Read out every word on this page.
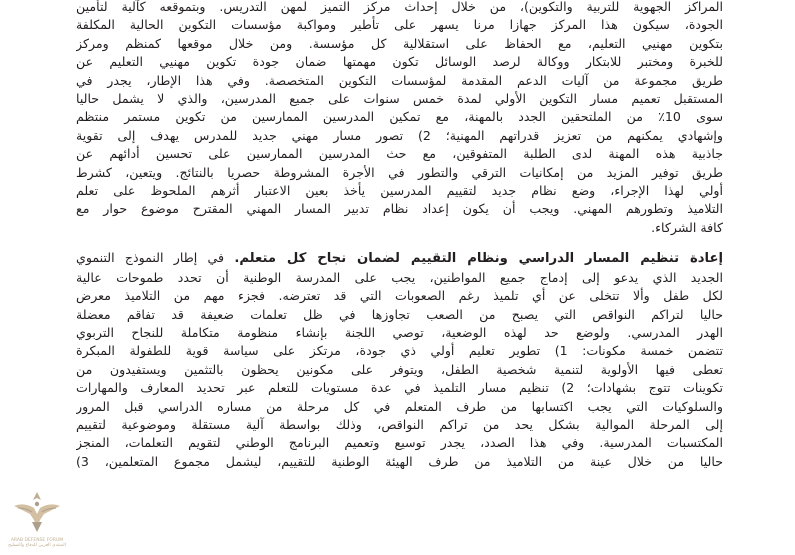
المراكز الجهوية للتربية والتكوين)، من خلال إحداث مركز التميز لمهن التدريس. وبتموقعه كآلية لتأمين
الجودة، سيكون هذا المركز جهازا مرنا يسهر على تأطير ومواكبة مؤسسات التكوين الحالية المكلفة
بتكوين مهنيي التعليم، مع الحفاظ على استقلالية كل مؤسسة. ومن خلال موقعها كمنظم ومركز
للخبرة ومختبر للابتكار ووكالة لرصد الوسائل تكون مهمتها ضمان جودة تكوين مهنيي التعليم عن
طريق مجموعة من آليات الدعم المقدمة لمؤسسات التكوين المتخصصة. وفي هذا الإطار، يجدر في
المستقبل تعميم مسار التكوين الأولي لمدة خمس سنوات على جميع المدرسين، والذي لا يشمل حاليا
سوى 10٪ من الملتحقين الجدد بالمهنة، مع تمكين المدرسين الممارسين من تكوين مستمر منتظم
وإشهادي يمكنهم من تعزيز قدراتهم المهنية؛ 2) تصور مسار مهني جديد للمدرس يهدف إلى تقوية
جاذبية هذه المهنة لدى الطلبة المتفوقين، مع حث المدرسين الممارسين على تحسين أدائهم عن
طريق توفير المزيد من إمكانيات الترقي والتطور في الأجرة المشروطة حصريا بالنتائج. ويتعين، كشرط
أولي لهذا الإجراء، وضع نظام جديد لتقييم المدرسين يأخذ بعين الاعتبار أثرهم الملحوظ على تعلم
التلاميذ وتطورهم المهني. ويجب أن يكون إعداد نظام تدبير المسار المهني المقترح موضوع حوار مع
كافة الشركاء.

إعادة تنظيم المسار الدراسي ونظام التقييم لضمان نجاح كل متعلم. في إطار النموذج التنموي
الجديد الذي يدعو إلى إدماج جميع المواطنين، يجب على المدرسة الوطنية أن تحدد طموحات عالية
لكل طفل وألا تتخلى عن أي تلميذ رغم الصعوبات التي قد تعترضه. فجزء مهم من التلاميذ معرض
حاليا لتراكم النواقص التي يصبح من الصعب تجاوزها في ظل تعلمات ضعيفة قد تفاقم معضلة
الهدر المدرسي. ولوضع حد لهذه الوضعية، توصي اللجنة بإنشاء منظومة متكاملة للنجاح التربوي
تتضمن خمسة مكونات: 1) تطوير تعليم أولي ذي جودة، مرتكز على سياسة قوية للطفولة المبكرة
تعطى فيها الأولوية لتنمية شخصية الطفل، ويتوفر على مكونين يحظون بالتثمين ويستفيدون من
تكوينات تتوج بشهادات؛ 2) تنظيم مسار التلميذ في عدة مستويات للتعلم عبر تحديد المعارف والمهارات
والسلوكيات التي يجب اكتسابها من طرف المتعلم في كل مرحلة من مساره الدراسي قبل المرور
إلى المرحلة الموالية بشكل يحد من تراكم النواقص، وذلك بواسطة آلية مستقلة وموضوعية لتقييم
المكتسبات المدرسية. وفي هذا الصدد، يجدر توسيع وتعميم البرنامج الوطني لتقويم التعلمات، المنجز
حاليا من خلال عينة من التلاميذ من طرف الهيئة الوطنية للتقييم، ليشمل مجموع المتعلمين، 3)

ARAB DEFENSE FORUM
المنتدى العربي للدفاع والتسليح
